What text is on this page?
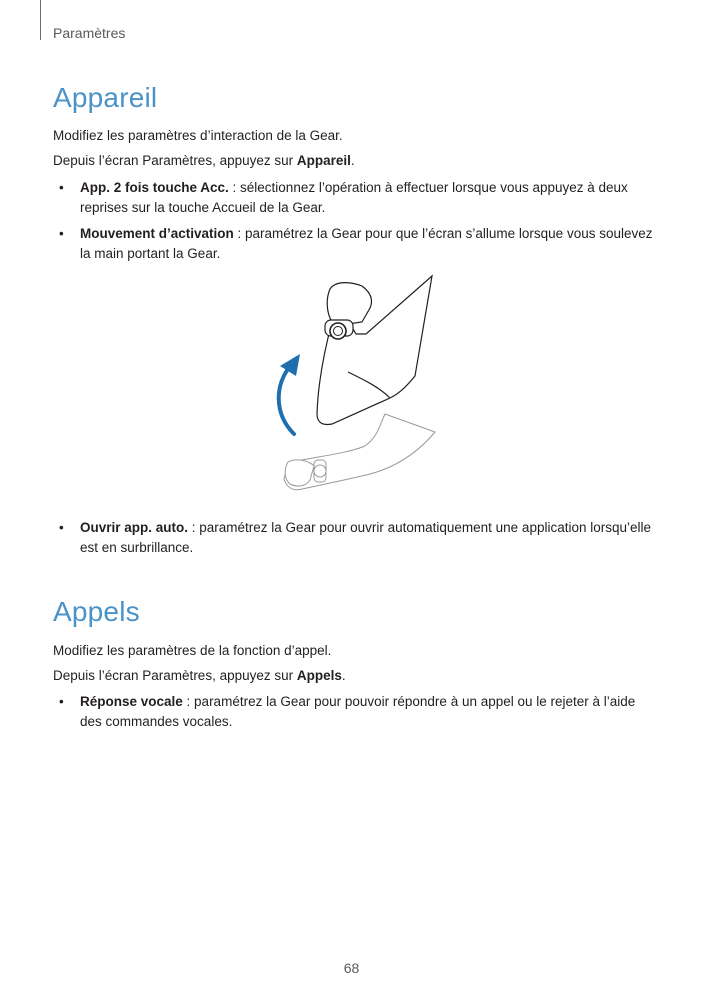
Paramètres
Appareil

Modifiez les paramètres d’interaction de la Gear.

Depuis l’écran Paramètres, appuyez sur Appareil.

• App. 2 fois touche Acc. : sélectionnez l’opération à effectuer lorsque vous appuyez à deux reprises sur la touche Accueil de la Gear.
• Mouvement d’activation : paramétrez la Gear pour que l’écran s’allume lorsque vous soulevez la main portant la Gear.
• Ouvrir app. auto. : paramétrez la Gear pour ouvrir automatiquement une application lorsqu’elle est en surbrillance.
Appels

Modifiez les paramètres de la fonction d’appel.

Depuis l’écran Paramètres, appuyez sur Appels.

• Réponse vocale : paramétrez la Gear pour pouvoir répondre à un appel ou le rejeter à l’aide des commandes vocales.
68
